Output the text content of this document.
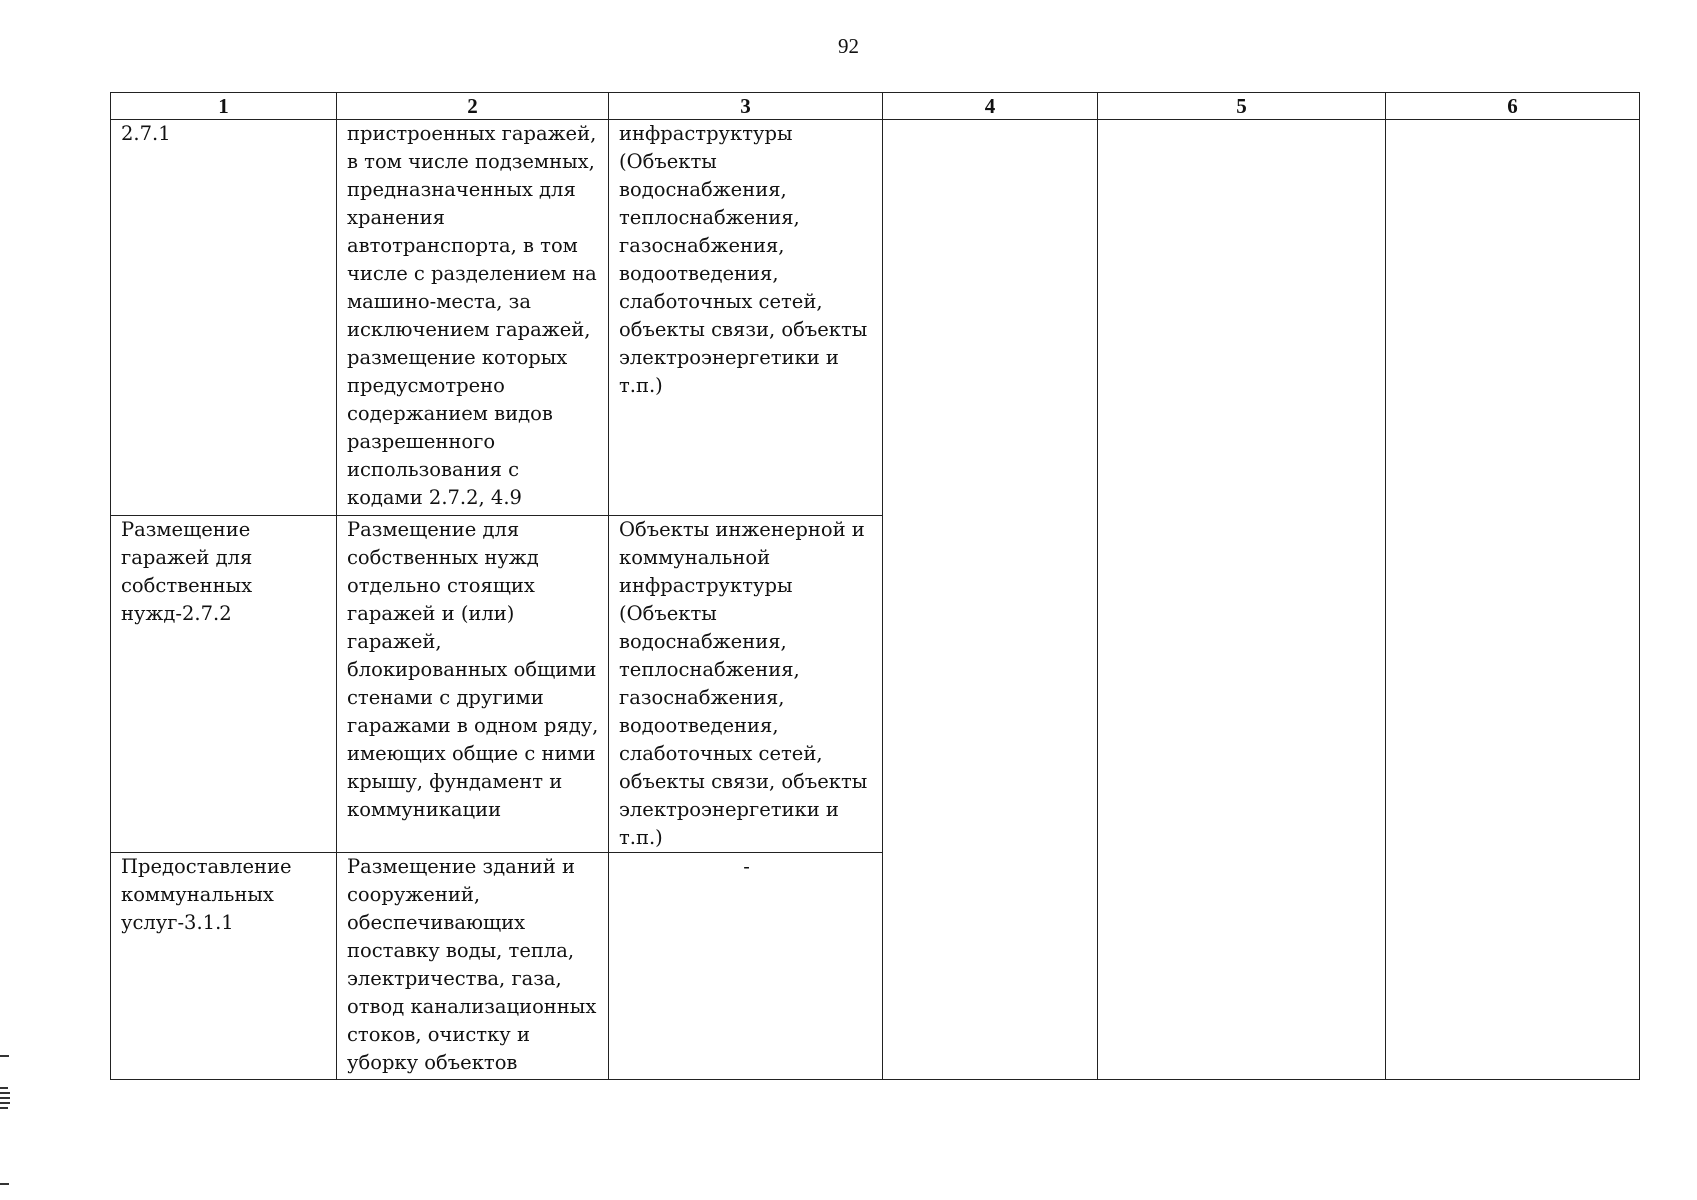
92
1	2	3	4	5	6
2.7.1	пристроенных гаражей, в том числе подземных, предназначенных для хранения автотранспорта, в том числе с разделением на машино-места, за исключением гаражей, размещение которых предусмотрено содержанием видов разрешенного использования с кодами 2.7.2, 4.9	инфраструктуры (Объекты водоснабжения, теплоснабжения, газоснабжения, водоотведения, слаботочных сетей, объекты связи, объекты электроэнергетики и т.п.)			
Размещение гаражей для собственных нужд-2.7.2	Размещение для собственных нужд отдельно стоящих гаражей и (или) гаражей, блокированных общими стенами с другими гаражами в одном ряду, имеющих общие с ними крышу, фундамент и коммуникации	Объекты инженерной и коммунальной инфраструктуры (Объекты водоснабжения, теплоснабжения, газоснабжения, водоотведения, слаботочных сетей, объекты связи, объекты электроэнергетики и т.п.)			
Предоставление коммунальных услуг-3.1.1	Размещение зданий и сооружений, обеспечивающих поставку воды, тепла, электричества, газа, отвод канализационных стоков, очистку и уборку объектов	-			
